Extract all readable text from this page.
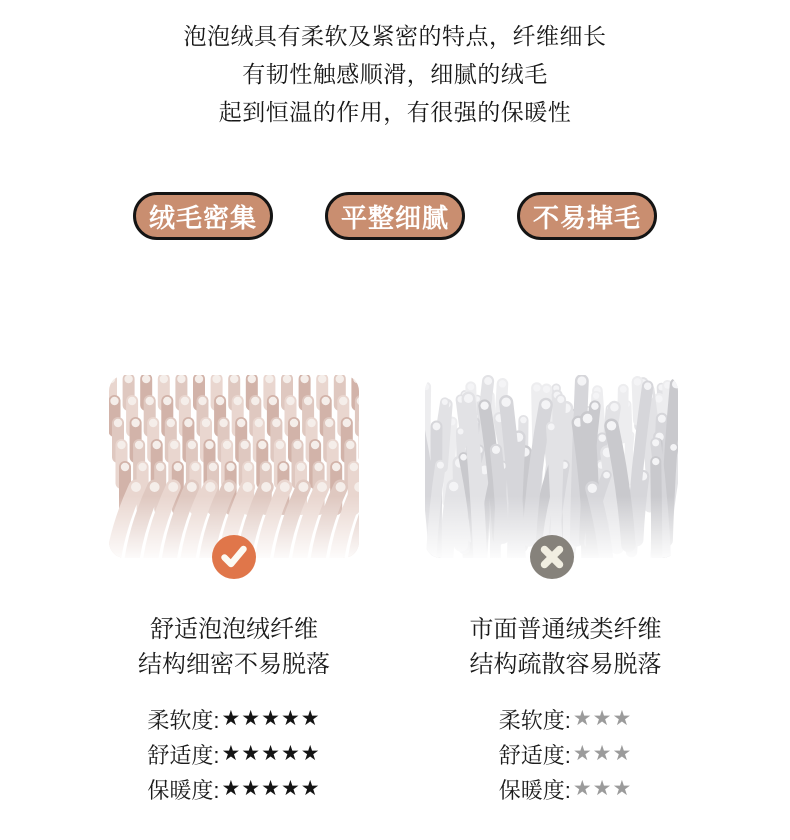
泡泡绒具有柔软及紧密的特点，纤维细长
有韧性触感顺滑，细腻的绒毛
起到恒温的作用，有很强的保暖性
绒毛密集	平整细腻	不易掉毛
舒适泡泡绒纤维
结构细密不易脱落
柔软度: ★★★★★
舒适度: ★★★★★
保暖度: ★★★★★
市面普通绒类纤维
结构疏散容易脱落
柔软度: ★★★
舒适度: ★★★
保暖度: ★★★
